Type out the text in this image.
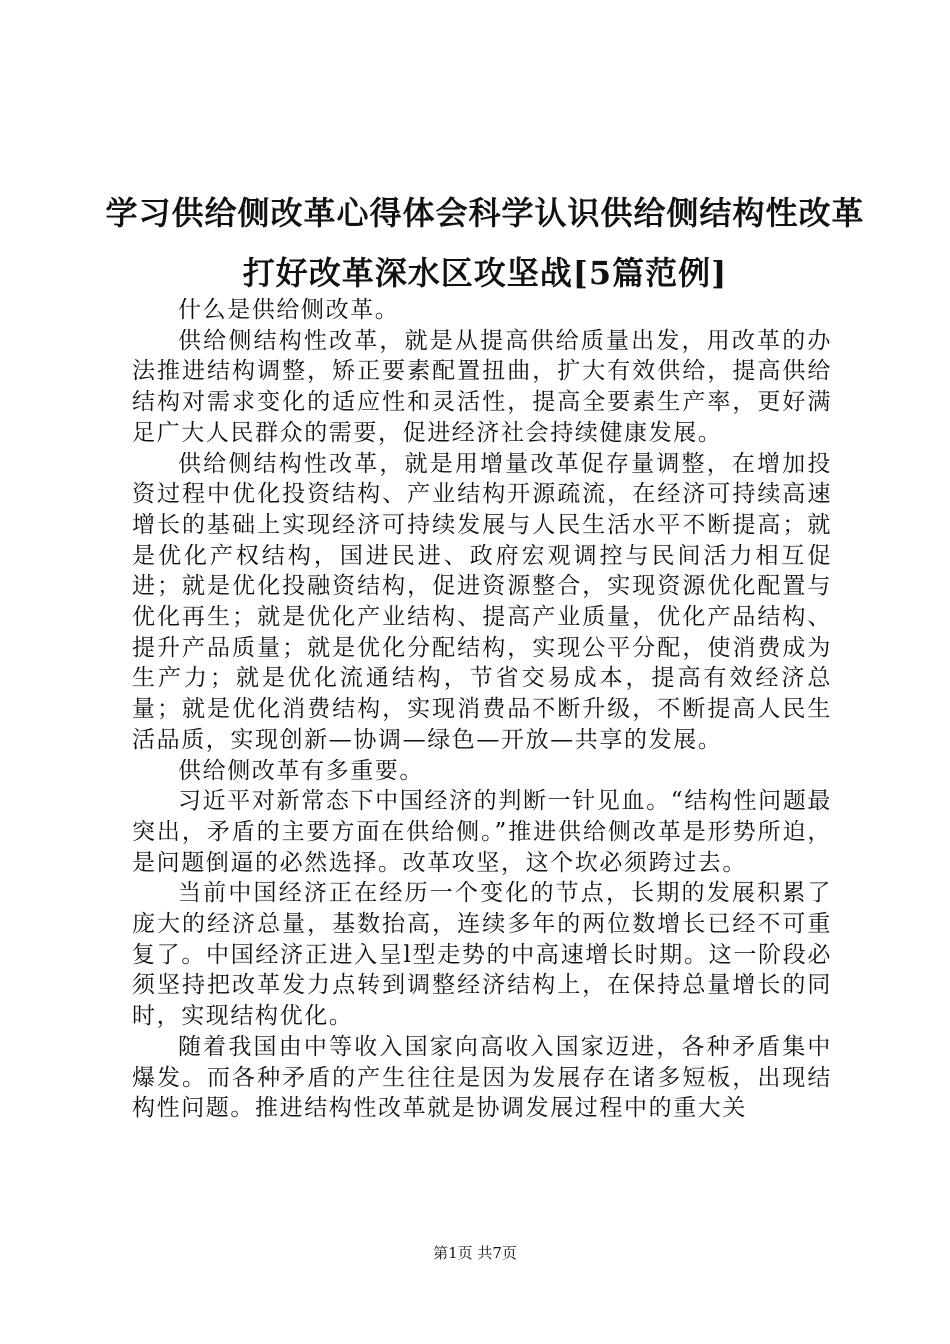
学习供给侧改革心得体会科学认识供给侧结构性改革打好改革深水区攻坚战[5篇范例]

什么是供给侧改革。

供给侧结构性改革，就是从提高供给质量出发，用改革的办法推进结构调整，矫正要素配置扭曲，扩大有效供给，提高供给结构对需求变化的适应性和灵活性，提高全要素生产率，更好满足广大人民群众的需要，促进经济社会持续健康发展。

供给侧结构性改革，就是用增量改革促存量调整，在增加投资过程中优化投资结构、产业结构开源疏流，在经济可持续高速增长的基础上实现经济可持续发展与人民生活水平不断提高；就是优化产权结构，国进民进、政府宏观调控与民间活力相互促进；就是优化投融资结构，促进资源整合，实现资源优化配置与优化再生；就是优化产业结构、提高产业质量，优化产品结构、提升产品质量；就是优化分配结构，实现公平分配，使消费成为生产力；就是优化流通结构，节省交易成本，提高有效经济总量；就是优化消费结构，实现消费品不断升级，不断提高人民生活品质，实现创新—协调—绿色—开放—共享的发展。

供给侧改革有多重要。

习近平对新常态下中国经济的判断一针见血。“结构性问题最突出，矛盾的主要方面在供给侧。”推进供给侧改革是形势所迫，是问题倒逼的必然选择。改革攻坚，这个坎必须跨过去。

当前中国经济正在经历一个变化的节点，长期的发展积累了庞大的经济总量，基数抬高，连续多年的两位数增长已经不可重复了。中国经济正进入呈l型走势的中高速增长时期。这一阶段必须坚持把改革发力点转到调整经济结构上，在保持总量增长的同时，实现结构优化。

随着我国由中等收入国家向高收入国家迈进，各种矛盾集中爆发。而各种矛盾的产生往往是因为发展存在诸多短板，出现结构性问题。推进结构性改革就是协调发展过程中的重大关

第1页 共7页
